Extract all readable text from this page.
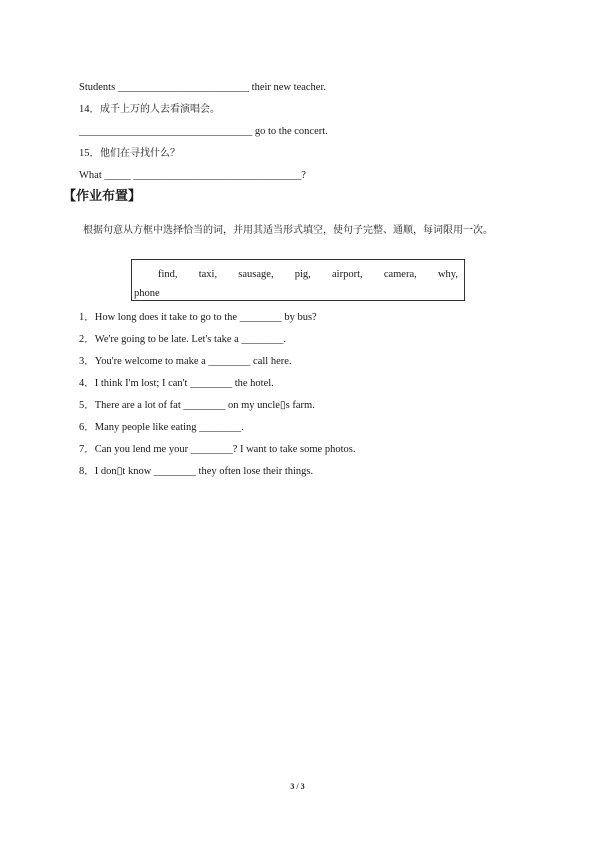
Students _________________________ their new teacher.
14．成千上万的人去看演唱会。
_________________________________ go to the concert.
15．他们在寻找什么？
What _____ ________________________________?
【作业布置】
根据句意从方框中选择恰当的词，并用其适当形式填空，使句子完整、通顺，每词限用一次。
find, taxi, sausage, pig, airport, camera, why,
phone
1．How long does it take to go to the ________ by bus?
2．We're going to be late. Let's take a ________.
3．You're welcome to make a ________ call here.
4．I think I'm lost; I can't ________ the hotel.
5．There are a lot of fat ________ on my uncle▯s farm.
6．Many people like eating ________.
7．Can you lend me your ________? I want to take some photos.
8．I don▯t know ________ they often lose their things.
3 / 3
